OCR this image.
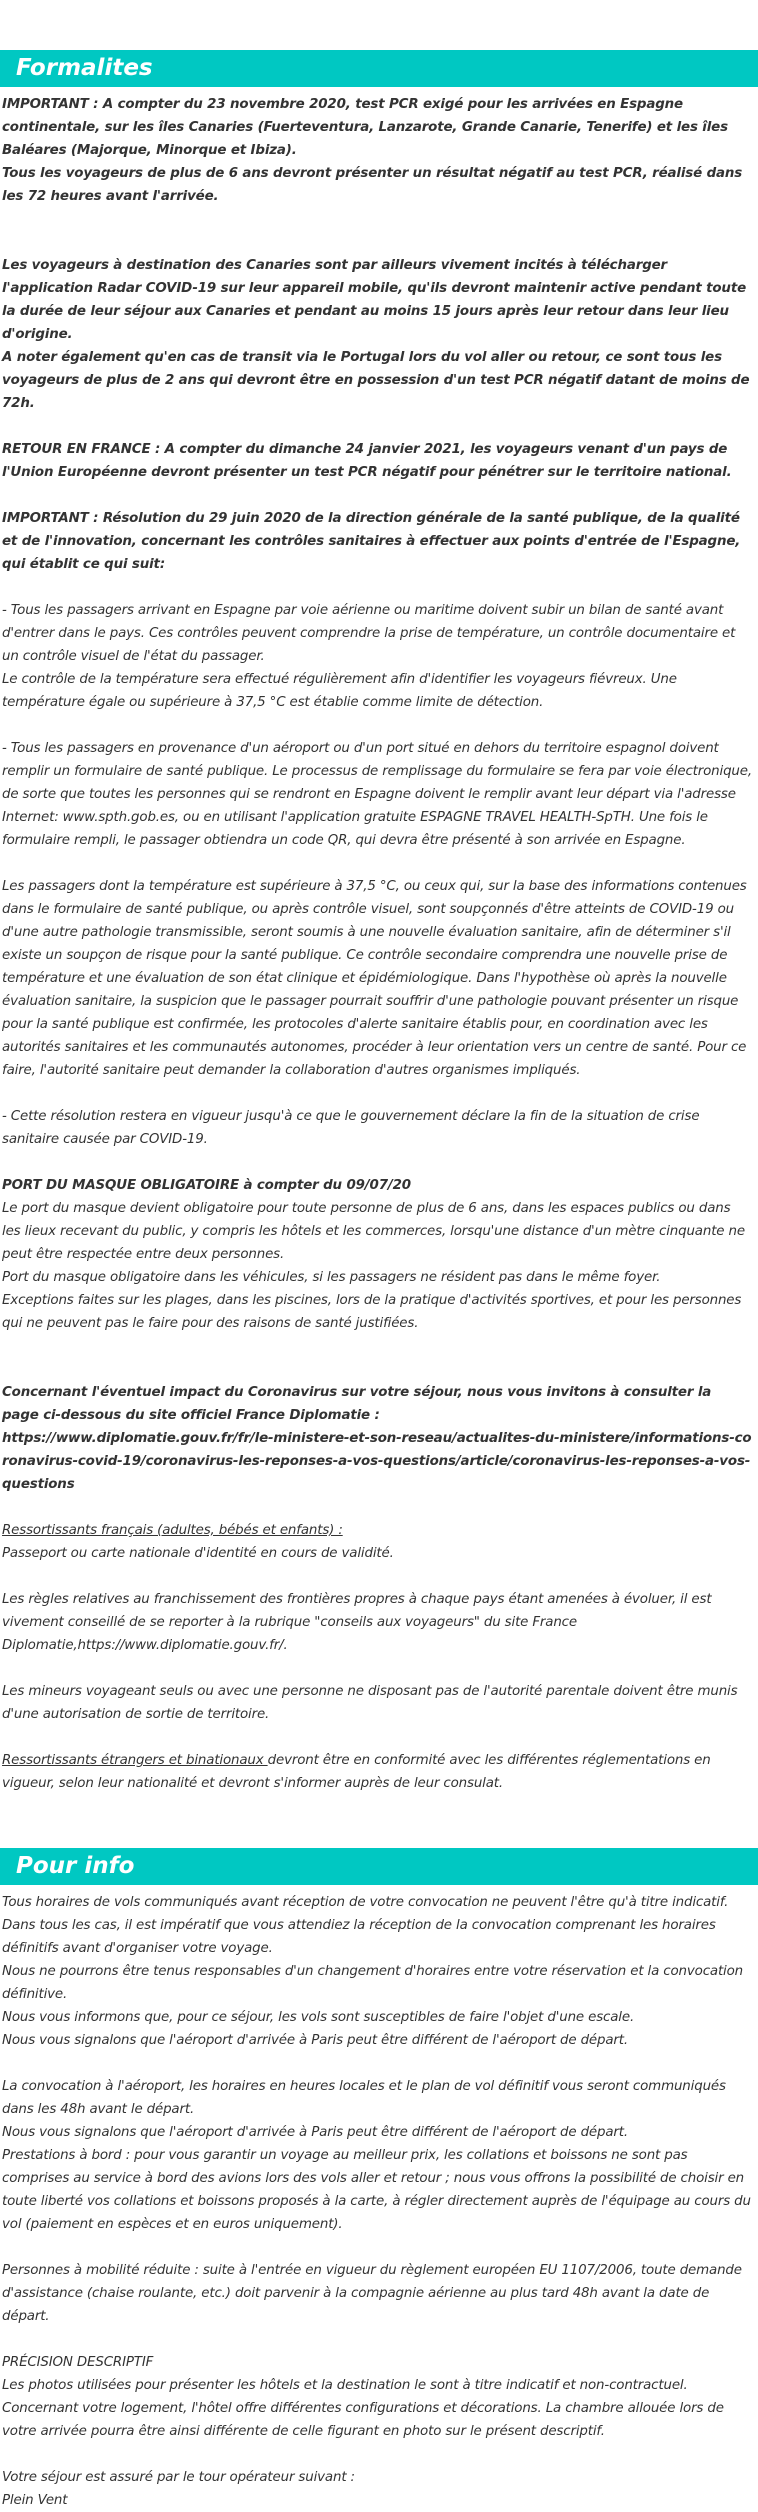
Formalites

IMPORTANT : A compter du 23 novembre 2020, test PCR exigé pour les arrivées en Espagne continentale, sur les îles Canaries (Fuerteventura, Lanzarote, Grande Canarie, Tenerife) et les îles Baléares (Majorque, Minorque et Ibiza).

Tous les voyageurs de plus de 6 ans devront présenter un résultat négatif au test PCR, réalisé dans les 72 heures avant l'arrivée.

Les voyageurs à destination des Canaries sont par ailleurs vivement incités à télécharger l'application Radar COVID-19 sur leur appareil mobile, qu'ils devront maintenir active pendant toute la durée de leur séjour aux Canaries et pendant au moins 15 jours après leur retour dans leur lieu d'origine.

A noter également qu'en cas de transit via le Portugal lors du vol aller ou retour, ce sont tous les voyageurs de plus de 2 ans qui devront être en possession d'un test PCR négatif datant de moins de 72h.

RETOUR EN FRANCE : A compter du dimanche 24 janvier 2021, les voyageurs venant d'un pays de l'Union Européenne devront présenter un test PCR négatif pour pénétrer sur le territoire national.

IMPORTANT : Résolution du 29 juin 2020 de la direction générale de la santé publique, de la qualité et de l'innovation, concernant les contrôles sanitaires à effectuer aux points d'entrée de l'Espagne, qui établit ce qui suit:

- Tous les passagers arrivant en Espagne par voie aérienne ou maritime doivent subir un bilan de santé avant d'entrer dans le pays. Ces contrôles peuvent comprendre la prise de température, un contrôle documentaire et un contrôle visuel de l'état du passager.

Le contrôle de la température sera effectué régulièrement afin d'identifier les voyageurs fiévreux. Une température égale ou supérieure à 37,5 °C est établie comme limite de détection.

- Tous les passagers en provenance d'un aéroport ou d'un port situé en dehors du territoire espagnol doivent remplir un formulaire de santé publique. Le processus de remplissage du formulaire se fera par voie électronique, de sorte que toutes les personnes qui se rendront en Espagne doivent le remplir avant leur départ via l'adresse Internet: www.spth.gob.es, ou en utilisant l'application gratuite ESPAGNE TRAVEL HEALTH-SpTH. Une fois le formulaire rempli, le passager obtiendra un code QR, qui devra être présenté à son arrivée en Espagne.

Les passagers dont la température est supérieure à 37,5 °C, ou ceux qui, sur la base des informations contenues dans le formulaire de santé publique, ou après contrôle visuel, sont soupçonnés d'être atteints de COVID-19 ou d'une autre pathologie transmissible, seront soumis à une nouvelle évaluation sanitaire, afin de déterminer s'il existe un soupçon de risque pour la santé publique. Ce contrôle secondaire comprendra une nouvelle prise de température et une évaluation de son état clinique et épidémiologique. Dans l'hypothèse où après la nouvelle évaluation sanitaire, la suspicion que le passager pourrait souffrir d'une pathologie pouvant présenter un risque pour la santé publique est confirmée, les protocoles d'alerte sanitaire établis pour, en coordination avec les autorités sanitaires et les communautés autonomes, procéder à leur orientation vers un centre de santé. Pour ce faire, l'autorité sanitaire peut demander la collaboration d'autres organismes impliqués.

- Cette résolution restera en vigueur jusqu'à ce que le gouvernement déclare la fin de la situation de crise sanitaire causée par COVID-19.

PORT DU MASQUE OBLIGATOIRE à compter du 09/07/20

Le port du masque devient obligatoire pour toute personne de plus de 6 ans, dans les espaces publics ou dans les lieux recevant du public, y compris les hôtels et les commerces, lorsqu'une distance d'un mètre cinquante ne peut être respectée entre deux personnes.

Port du masque obligatoire dans les véhicules, si les passagers ne résident pas dans le même foyer.

Exceptions faites sur les plages, dans les piscines, lors de la pratique d'activités sportives, et pour les personnes qui ne peuvent pas le faire pour des raisons de santé justifiées.

Concernant l'éventuel impact du Coronavirus sur votre séjour, nous vous invitons à consulter la page ci-dessous du site officiel France Diplomatie :

https://www.diplomatie.gouv.fr/fr/le-ministere-et-son-reseau/actualites-du-ministere/informations-coronavirus-covid-19/coronavirus-les-reponses-a-vos-questions/article/coronavirus-les-reponses-a-vos-questions

Ressortissants français (adultes, bébés et enfants) :

Passeport ou carte nationale d'identité en cours de validité.

Les règles relatives au franchissement des frontières propres à chaque pays étant amenées à évoluer, il est vivement conseillé de se reporter à la rubrique "conseils aux voyageurs" du site France Diplomatie,https://www.diplomatie.gouv.fr/.

Les mineurs voyageant seuls ou avec une personne ne disposant pas de l'autorité parentale doivent être munis d'une autorisation de sortie de territoire.

Ressortissants étrangers et binationaux devront être en conformité avec les différentes réglementations en vigueur, selon leur nationalité et devront s'informer auprès de leur consulat.

Pour info

Tous horaires de vols communiqués avant réception de votre convocation ne peuvent l'être qu'à titre indicatif.

Dans tous les cas, il est impératif que vous attendiez la réception de la convocation comprenant les horaires définitifs avant d'organiser votre voyage.

Nous ne pourrons être tenus responsables d'un changement d'horaires entre votre réservation et la convocation définitive.

Nous vous informons que, pour ce séjour, les vols sont susceptibles de faire l'objet d'une escale.

Nous vous signalons que l'aéroport d'arrivée à Paris peut être différent de l'aéroport de départ.

La convocation à l'aéroport, les horaires en heures locales et le plan de vol définitif vous seront communiqués dans les 48h avant le départ.

Nous vous signalons que l'aéroport d'arrivée à Paris peut être différent de l'aéroport de départ.

Prestations à bord : pour vous garantir un voyage au meilleur prix, les collations et boissons ne sont pas comprises au service à bord des avions lors des vols aller et retour ; nous vous offrons la possibilité de choisir en toute liberté vos collations et boissons proposés à la carte, à régler directement auprès de l'équipage au cours du vol (paiement en espèces et en euros uniquement).

Personnes à mobilité réduite : suite à l'entrée en vigueur du règlement européen EU 1107/2006, toute demande d'assistance (chaise roulante, etc.) doit parvenir à la compagnie aérienne au plus tard 48h avant la date de départ.

PRÉCISION DESCRIPTIF

Les photos utilisées pour présenter les hôtels et la destination le sont à titre indicatif et non-contractuel. Concernant votre logement, l'hôtel offre différentes configurations et décorations. La chambre allouée lors de votre arrivée pourra être ainsi différente de celle figurant en photo sur le présent descriptif.

Votre séjour est assuré par le tour opérateur suivant :

Plein Vent
